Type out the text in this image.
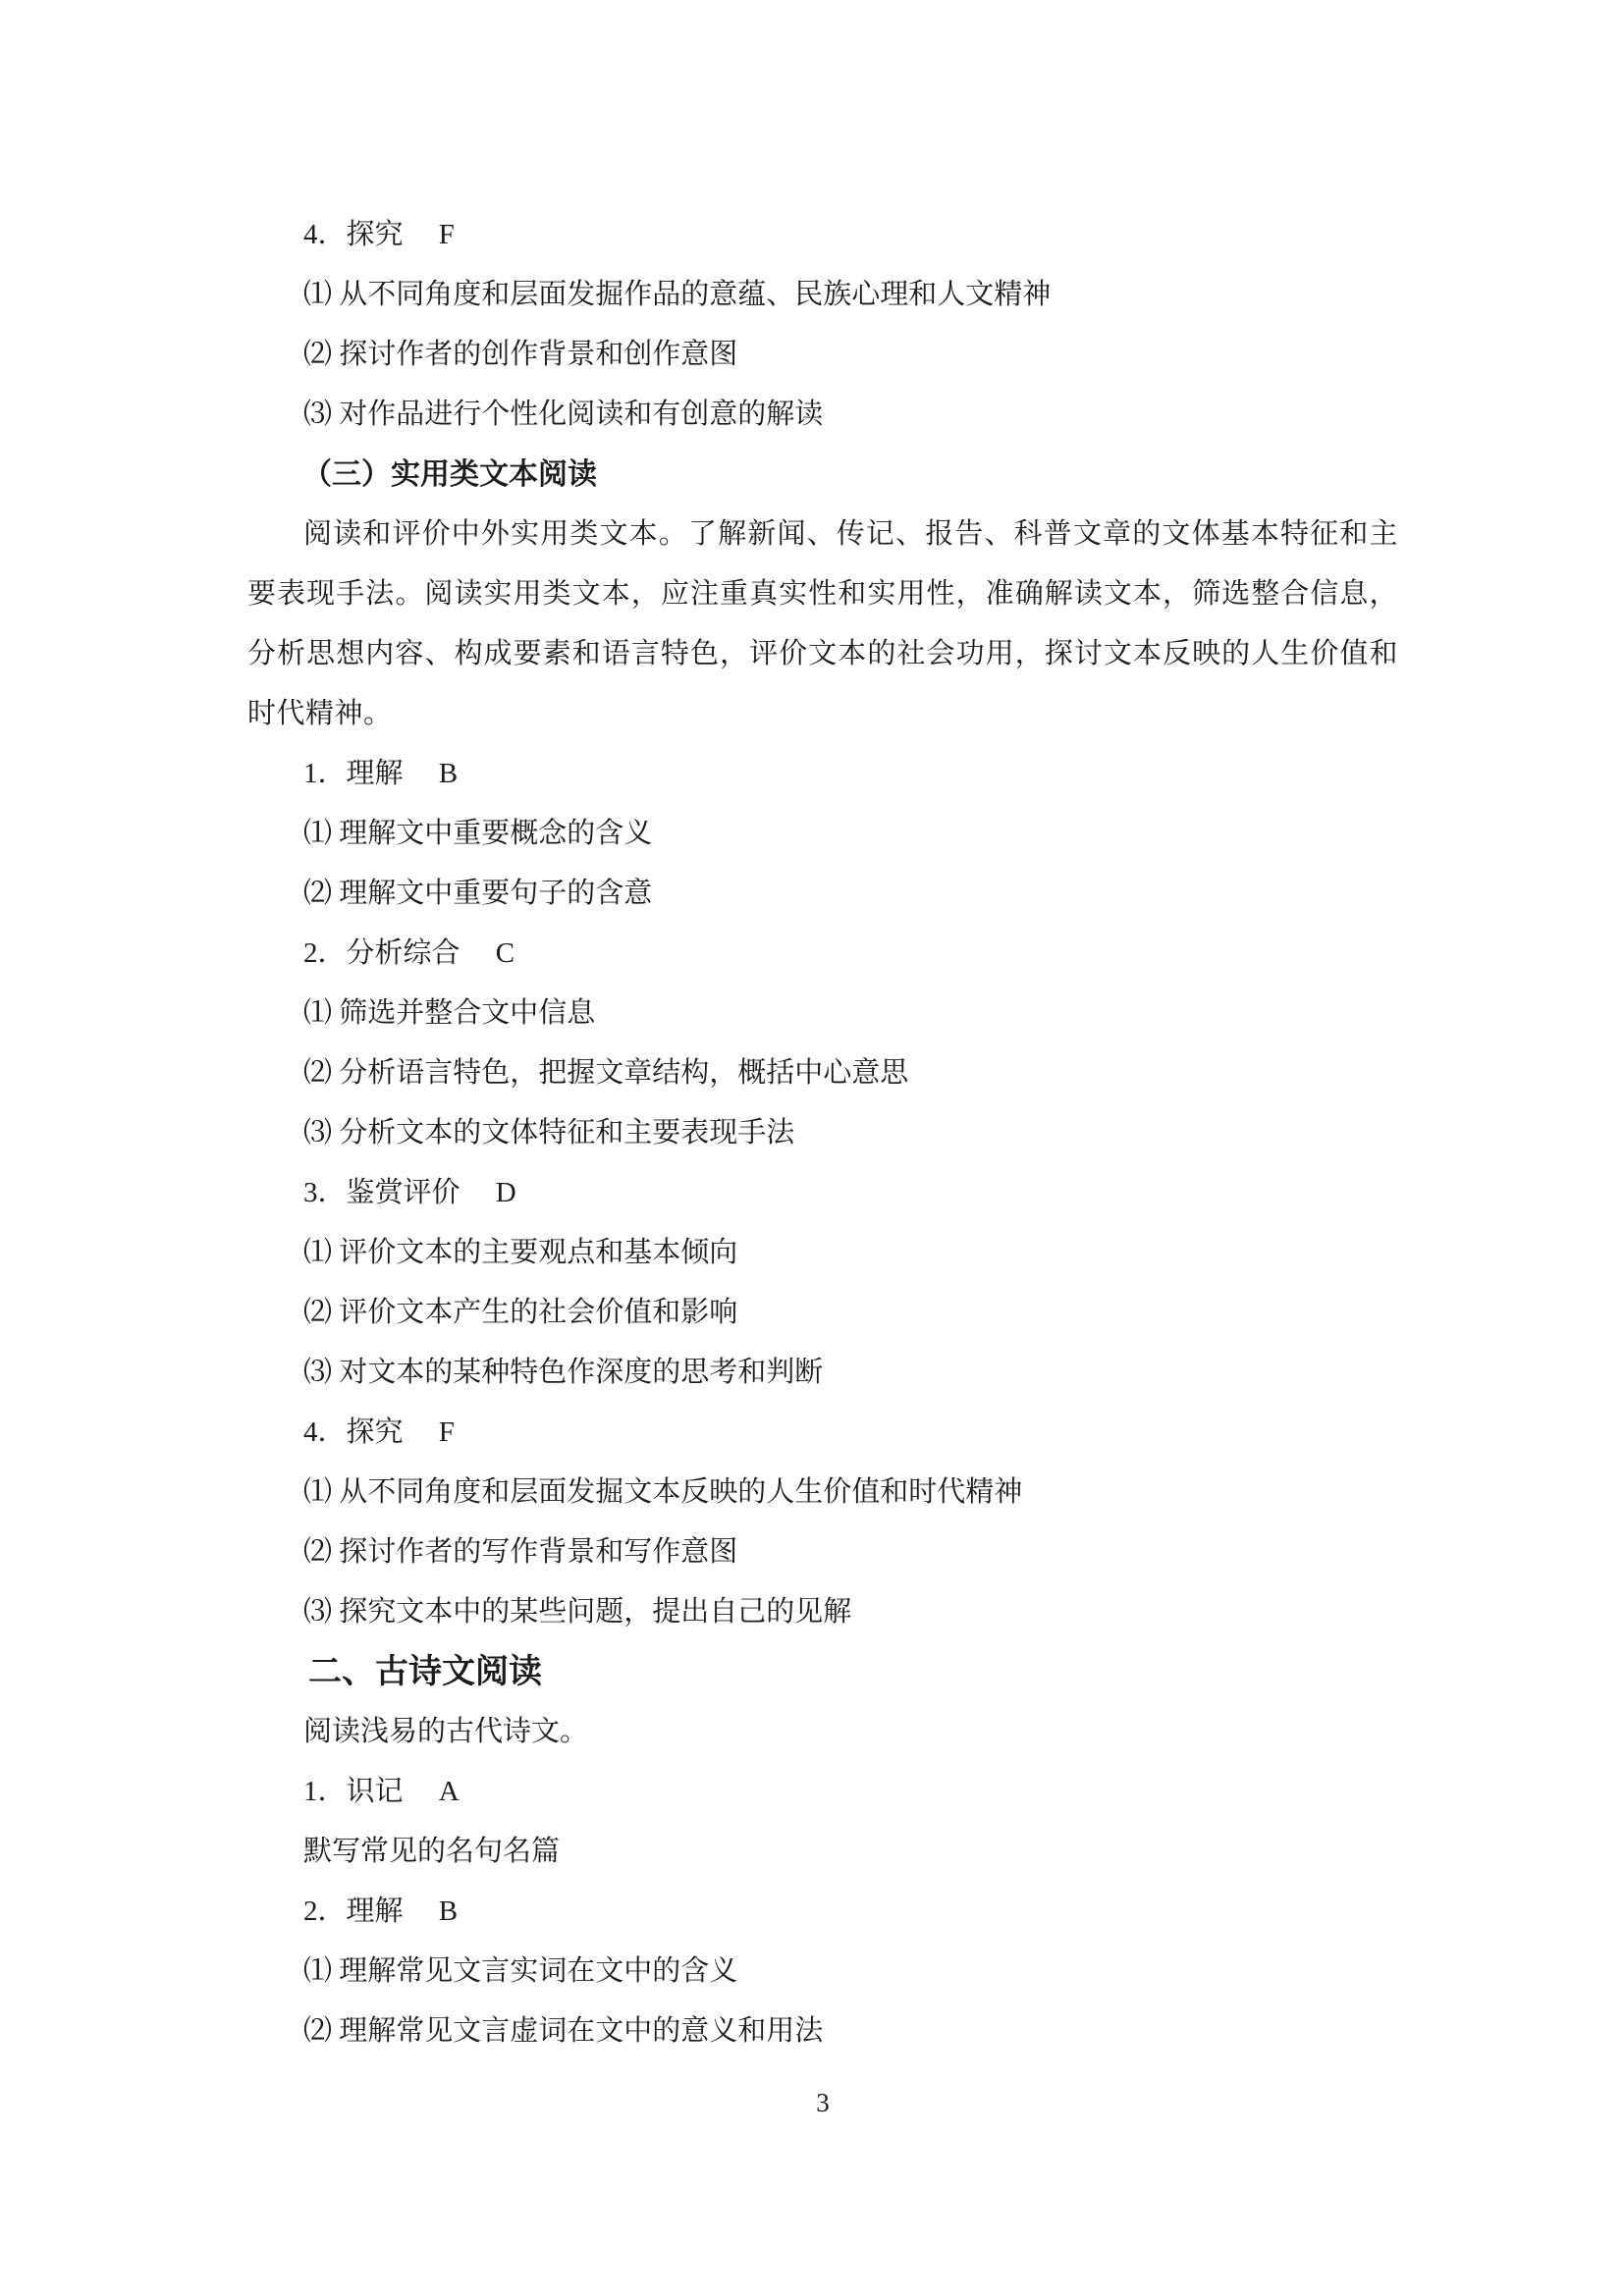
4．探究　 F
⑴ 从不同角度和层面发掘作品的意蕴、民族心理和人文精神
⑵ 探讨作者的创作背景和创作意图
⑶ 对作品进行个性化阅读和有创意的解读
（三）实用类文本阅读
阅读和评价中外实用类文本。了解新闻、传记、报告、科普文章的文体基本特征和主要表现手法。阅读实用类文本，应注重真实性和实用性，准确解读文本，筛选整合信息，分析思想内容、构成要素和语言特色，评价文本的社会功用，探讨文本反映的人生价值和时代精神。
1．理解　 B
⑴ 理解文中重要概念的含义
⑵ 理解文中重要句子的含意
2．分析综合　 C
⑴ 筛选并整合文中信息
⑵ 分析语言特色，把握文章结构，概括中心意思
⑶ 分析文本的文体特征和主要表现手法
3．鉴赏评价　 D
⑴ 评价文本的主要观点和基本倾向
⑵ 评价文本产生的社会价值和影响
⑶ 对文本的某种特色作深度的思考和判断
4．探究　 F
⑴ 从不同角度和层面发掘文本反映的人生价值和时代精神
⑵ 探讨作者的写作背景和写作意图
⑶ 探究文本中的某些问题，提出自己的见解
二、古诗文阅读
阅读浅易的古代诗文。
1．识记　 A
默写常见的名句名篇
2．理解　 B
⑴ 理解常见文言实词在文中的含义
⑵ 理解常见文言虚词在文中的意义和用法
3
